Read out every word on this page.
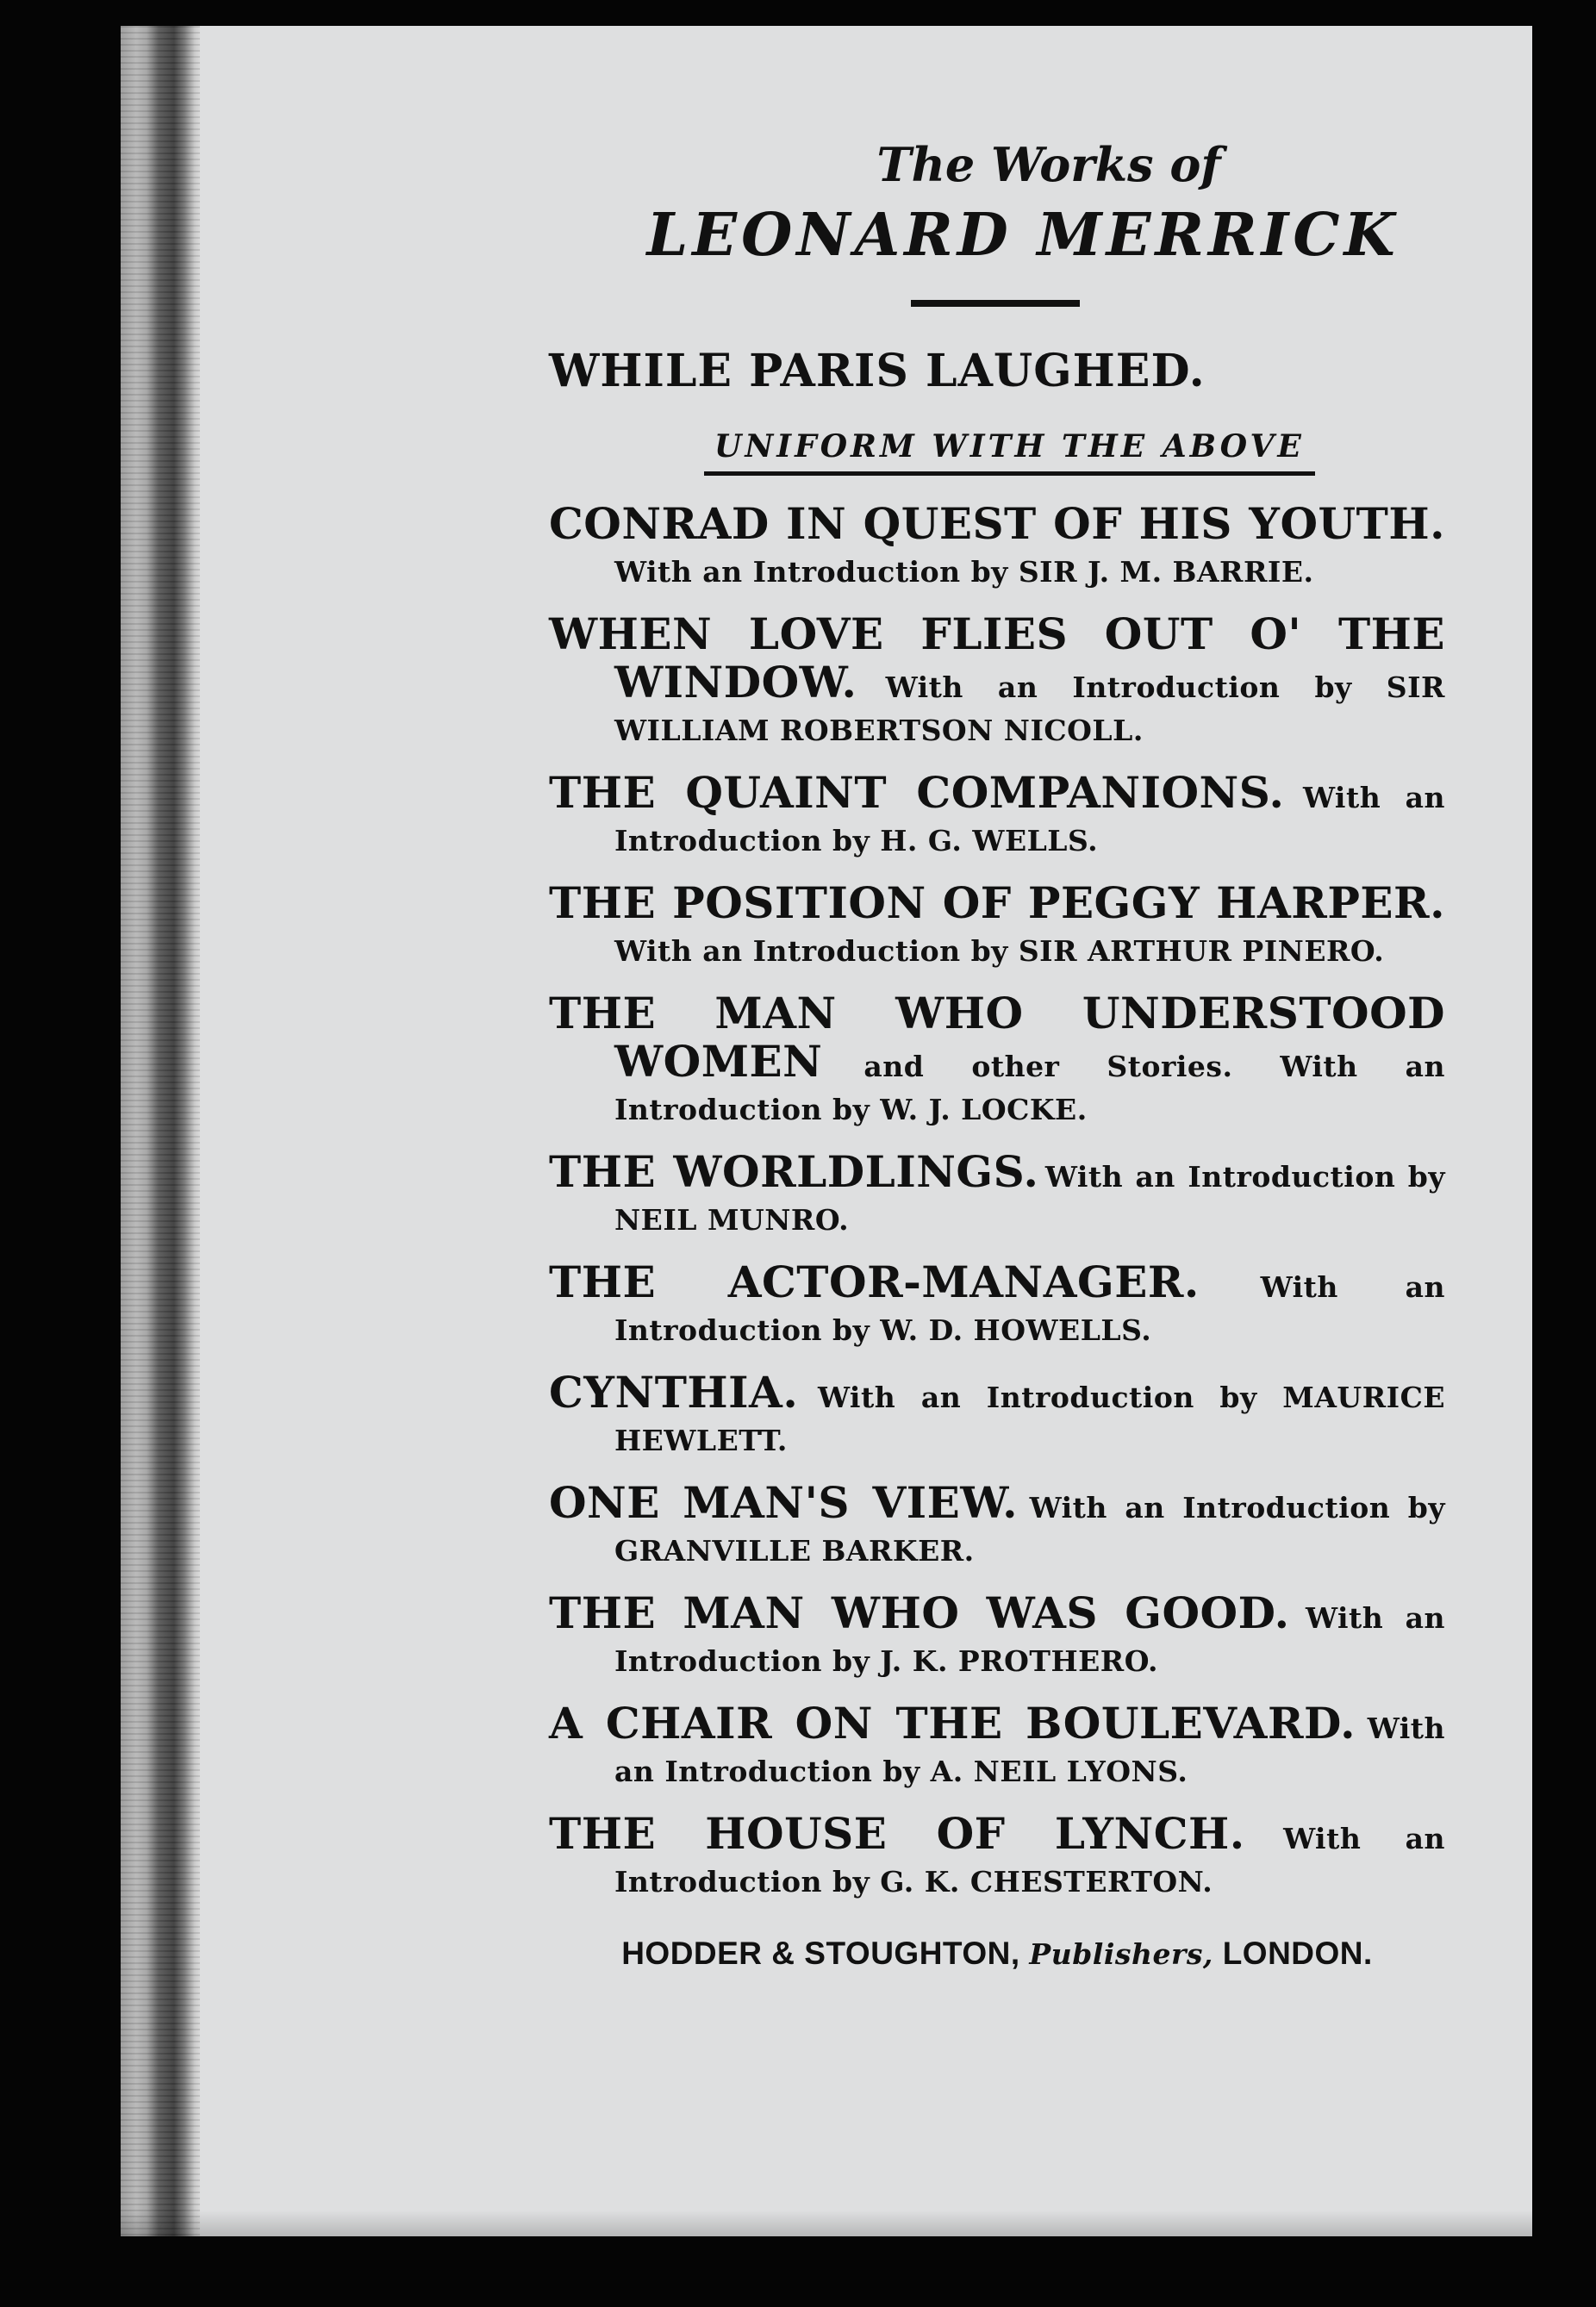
The Works of

LEONARD MERRICK

WHILE PARIS LAUGHED.

UNIFORM WITH THE ABOVE
CONRAD IN QUEST OF HIS YOUTH. With an Introduction by SIR J. M. BARRIE.
WHEN LOVE FLIES OUT O' THE WINDOW. With an Introduction by SIR WILLIAM ROBERTSON NICOLL.
THE QUAINT COMPANIONS. With an Introduction by H. G. WELLS.
THE POSITION OF PEGGY HARPER. With an Introduction by SIR ARTHUR PINERO.
THE MAN WHO UNDERSTOOD WOMEN and other Stories. With an Introduction by W. J. LOCKE.
THE WORLDLINGS. With an Introduction by NEIL MUNRO.
THE ACTOR-MANAGER. With an Introduction by W. D. HOWELLS.
CYNTHIA. With an Introduction by MAURICE HEWLETT.
ONE MAN'S VIEW. With an Introduction by GRANVILLE BARKER.
THE MAN WHO WAS GOOD. With an Introduction by J. K. PROTHERO.
A CHAIR ON THE BOULEVARD. With an Introduction by A. NEIL LYONS.
THE HOUSE OF LYNCH. With an Introduction by G. K. CHESTERTON.

HODDER & STOUGHTON, Publishers, LONDON.
